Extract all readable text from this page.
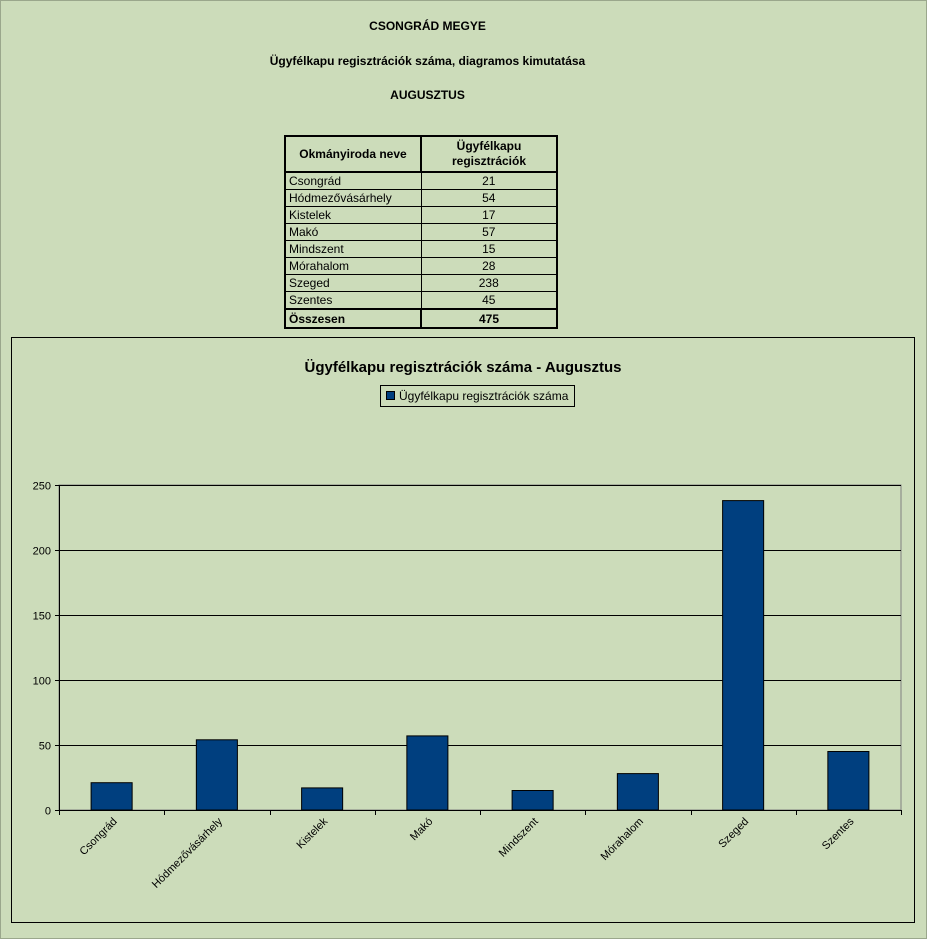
CSONGRÁD MEGYE
Ügyfélkapu regisztrációk száma, diagramos kimutatása
AUGUSZTUS
Okmányiroda neve	Ügyfélkapu
regisztrációk
Csongrád	21
Hódmezővásárhely	54
Kistelek	17
Makó	57
Mindszent	15
Mórahalom	28
Szeged	238
Szentes	45
Összesen	475
Ügyfélkapu regisztrációk száma - Augusztus
Ügyfélkapu regisztrációk száma
0
50
100
150
200
250
Csongrád	Hódmezővásárhely	Kistelek	Makó	Mindszent	Mórahalom	Szeged	Szentes
